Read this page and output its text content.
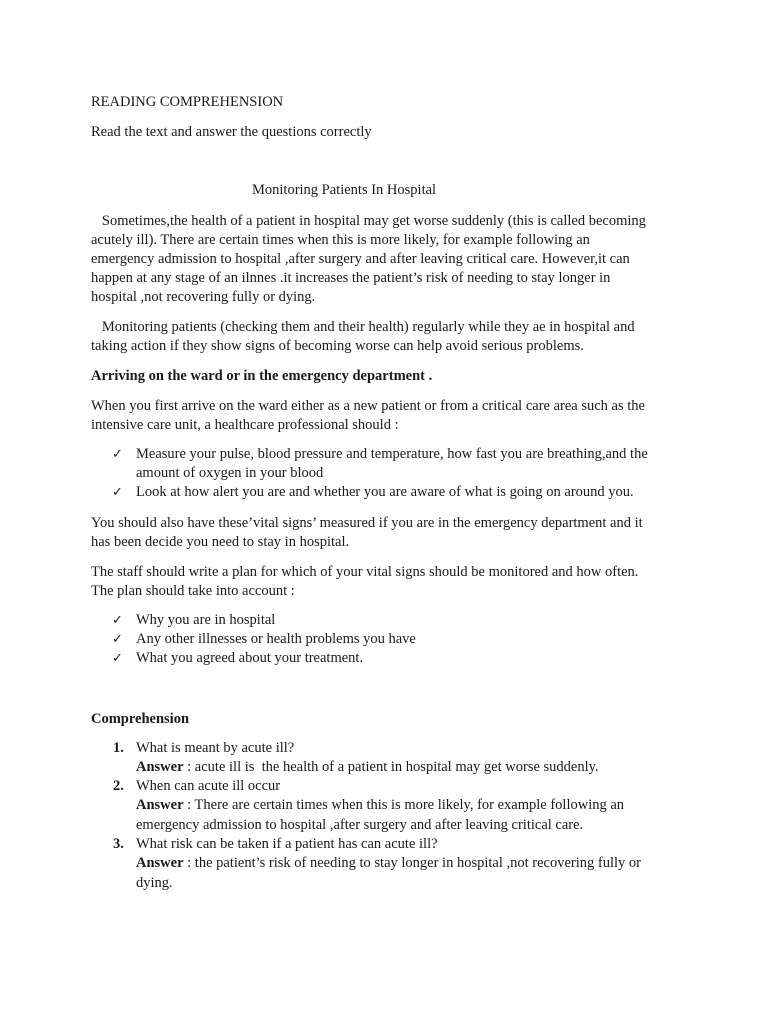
READING COMPREHENSION
Read the text and answer the questions correctly
Monitoring Patients In Hospital
Sometimes,the health of a patient in hospital may get worse suddenly (this is called becoming
acutely ill). There are certain times when this is more likely, for example following an
emergency admission to hospital ,after surgery and after leaving critical care. However,it can
happen at any stage of an ilnnes .it increases the patient’s risk of needing to stay longer in
hospital ,not recovering fully or dying.
Monitoring patients (checking them and their health) regularly while they ae in hospital and
taking action if they show signs of becoming worse can help avoid serious problems.
Arriving on the ward or in the emergency department .
When you first arrive on the ward either as a new patient or from a critical care area such as the
intensive care unit, a healthcare professional should :
✓ Measure your pulse, blood pressure and temperature, how fast you are breathing,and the
amount of oxygen in your blood
✓ Look at how alert you are and whether you are aware of what is going on around you.
You should also have these’vital signs’ measured if you are in the emergency department and it
has been decide you need to stay in hospital.
The staff should write a plan for which of your vital signs should be monitored and how often.
The plan should take into account :
✓ Why you are in hospital
✓ Any other illnesses or health problems you have
✓ What you agreed about your treatment.
Comprehension
1. What is meant by acute ill?
Answer : acute ill is  the health of a patient in hospital may get worse suddenly.
2. When can acute ill occur
Answer : There are certain times when this is more likely, for example following an
emergency admission to hospital ,after surgery and after leaving critical care.
3. What risk can be taken if a patient has can acute ill?
Answer : the patient’s risk of needing to stay longer in hospital ,not recovering fully or
dying.
